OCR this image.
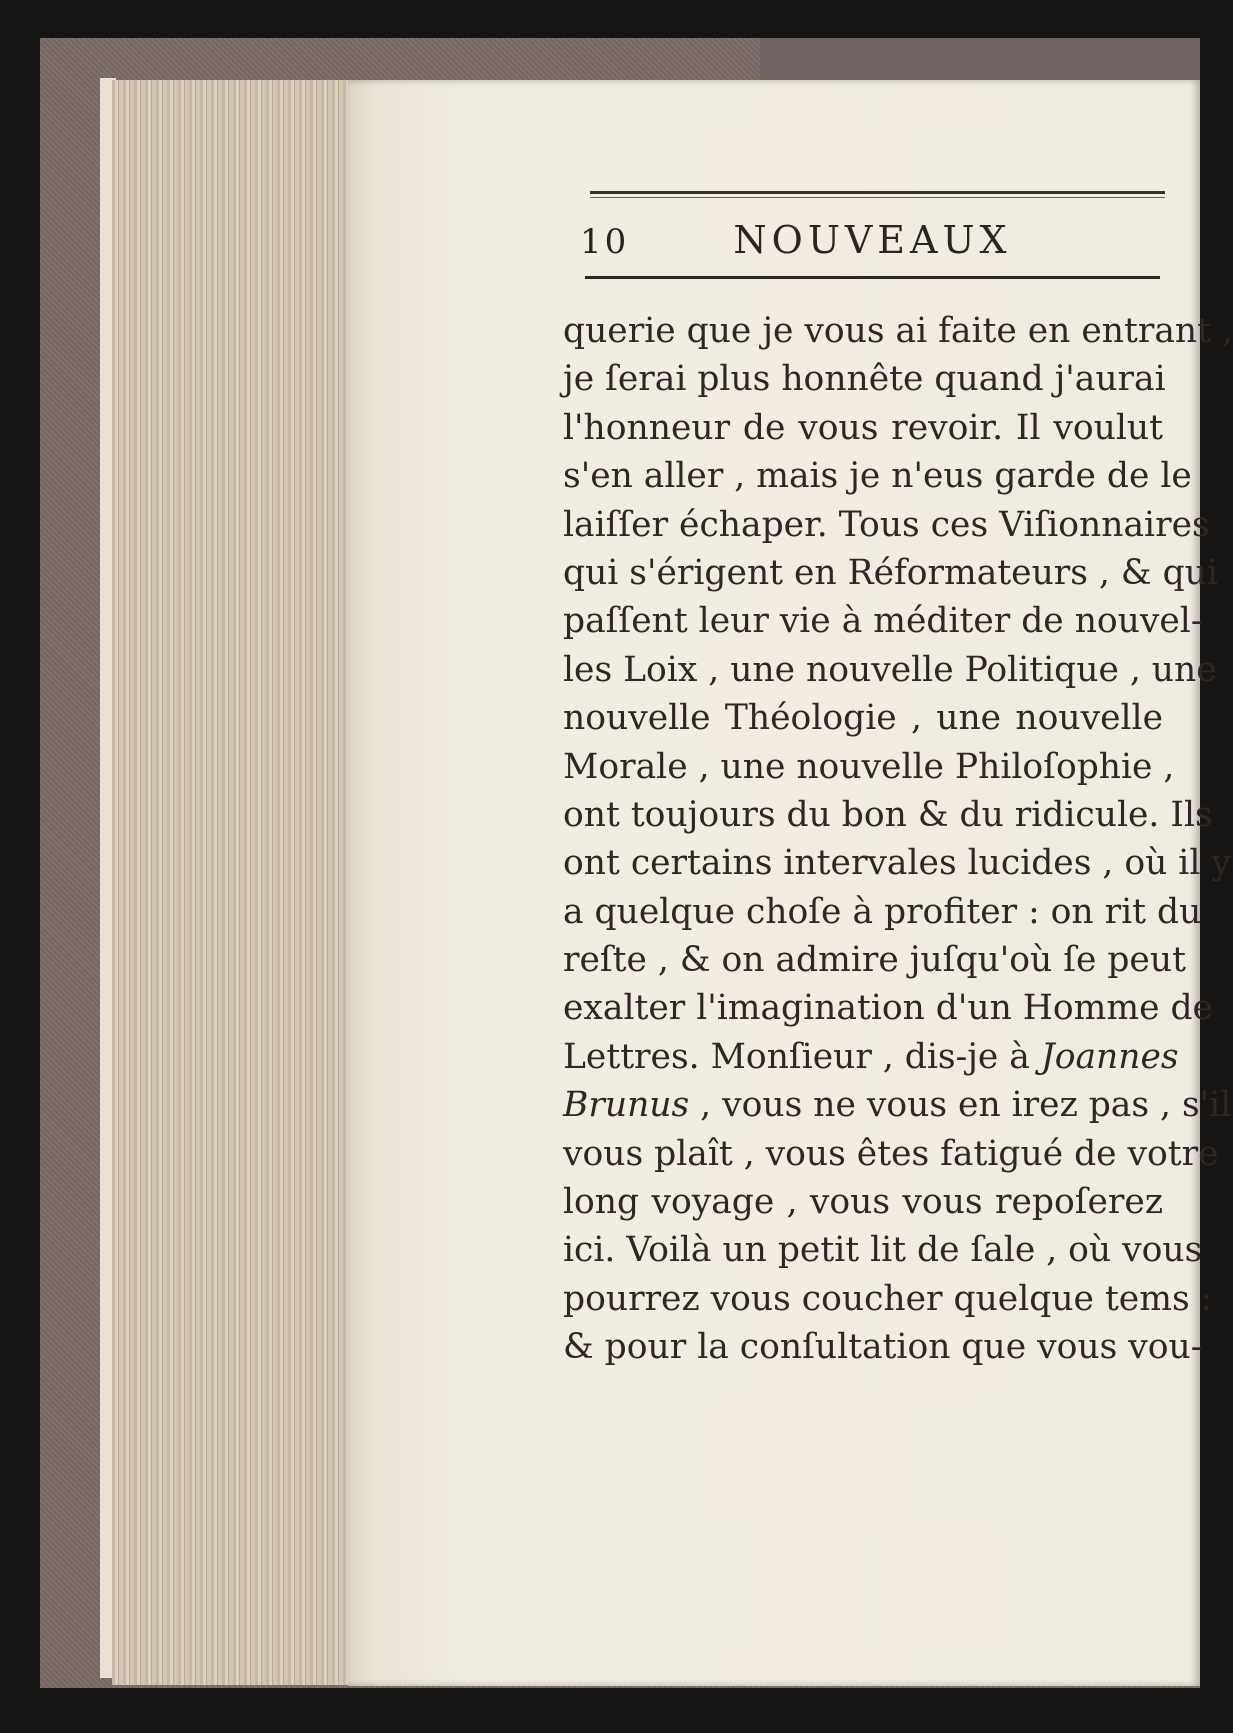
10	NOUVEAUX
querie que je vous ai faite en entrant ,
je ſerai plus honnête quand j'aurai
l'honneur de vous revoir. Il voulut
s'en aller , mais je n'eus garde de le
laiſſer échaper. Tous ces Viſionnaires
qui s'érigent en Réformateurs , & qui
paſſent leur vie à méditer de nouvel-
les Loix , une nouvelle Politique , une
nouvelle Théologie , une nouvelle
Morale , une nouvelle Philoſophie ,
ont toujours du bon & du ridicule. Ils
ont certains intervales lucides , où il y
a quelque choſe à profiter : on rit du
reſte , & on admire juſqu'où ſe peut
exalter l'imagination d'un Homme de
Lettres. Monſieur , dis-je à Joannes
Brunus , vous ne vous en irez pas , s'il
vous plaît , vous êtes fatigué de votre
long voyage , vous vous repoſerez
ici. Voilà un petit lit de ſale , où vous
pourrez vous coucher quelque tems :
& pour la conſultation que vous vou-
